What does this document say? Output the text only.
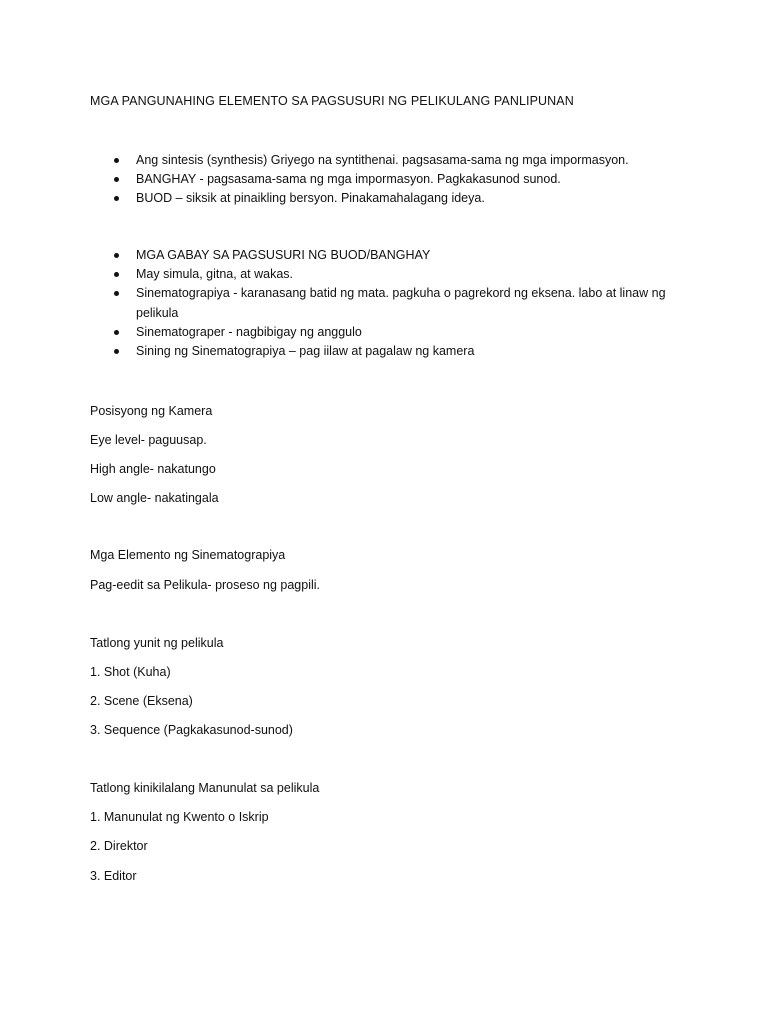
MGA PANGUNAHING ELEMENTO SA PAGSUSURI NG PELIKULANG PANLIPUNAN
Ang sintesis (synthesis) Griyego na syntithenai. pagsasama-sama ng mga impormasyon.
BANGHAY - pagsasama-sama ng mga impormasyon. Pagkakasunod sunod.
BUOD – siksik at pinaikling bersyon. Pinakamahalagang ideya.
MGA GABAY SA PAGSUSURI NG BUOD/BANGHAY
May simula, gitna, at wakas.
Sinematograpiya - karanasang batid ng mata. pagkuha o pagrekord ng eksena. labo at linaw ng pelikula
Sinematograper - nagbibigay ng anggulo
Sining ng Sinematograpiya – pag iilaw at pagalaw ng kamera
Posisyong ng Kamera
Eye level- paguusap.
High angle- nakatungo
Low angle- nakatingala
Mga Elemento ng Sinematograpiya
Pag-eedit sa Pelikula- proseso ng pagpili.
Tatlong yunit ng pelikula
1. Shot (Kuha)
2. Scene (Eksena)
3. Sequence (Pagkakasunod-sunod)
Tatlong kinikilalang Manunulat sa pelikula
1. Manunulat ng Kwento o Iskrip
2. Direktor
3. Editor
